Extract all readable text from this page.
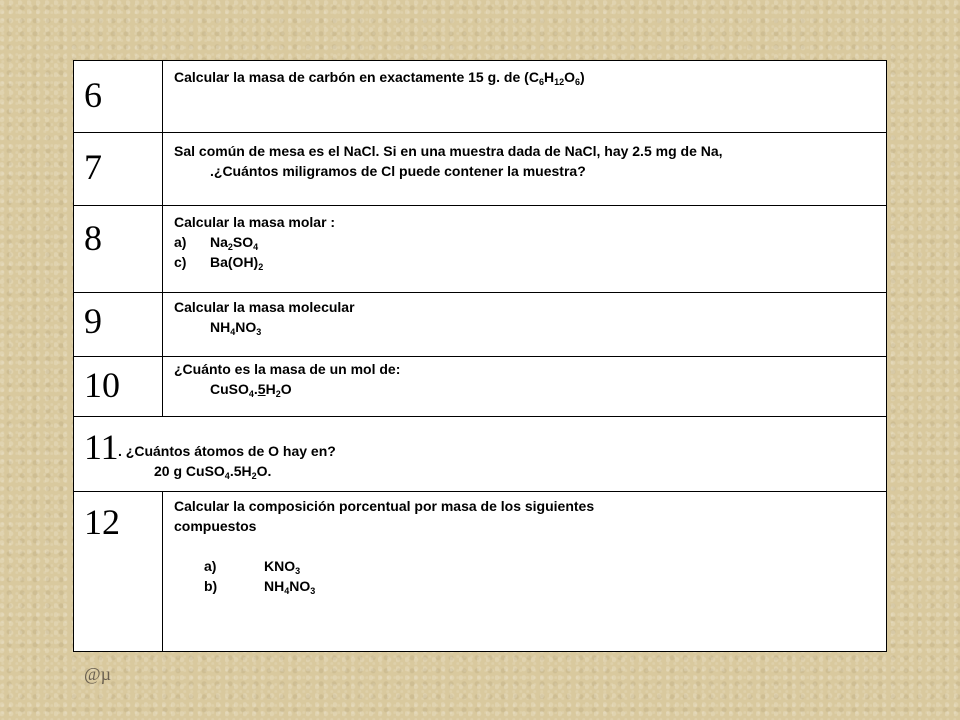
6	Calcular la masa de carbón en exactamente 15 g. de $(C_6H_{12}O_6)$
7	Sal común de mesa es el NaCl. Si en una muestra dada de NaCl, hay 2.5 mg de Na,
.¿Cuántos miligramos de Cl puede contener la muestra?
8	Calcular la masa molar :
a)	$Na_2SO_4$
c)	$Ba(OH)_2$
9	Calcular la masa molecular
$NH_4NO_3$
10	¿Cuánto es la masa de un mol de:
$CuSO_4.5H_2O$
11 . ¿Cuántos átomos de O hay en?
20 g $CuSO_4.5H_2O$.
12	Calcular la composición porcentual por masa de los siguientes
compuestos
a)	$KNO_3$
b)	$NH_4NO_3$
@µ
